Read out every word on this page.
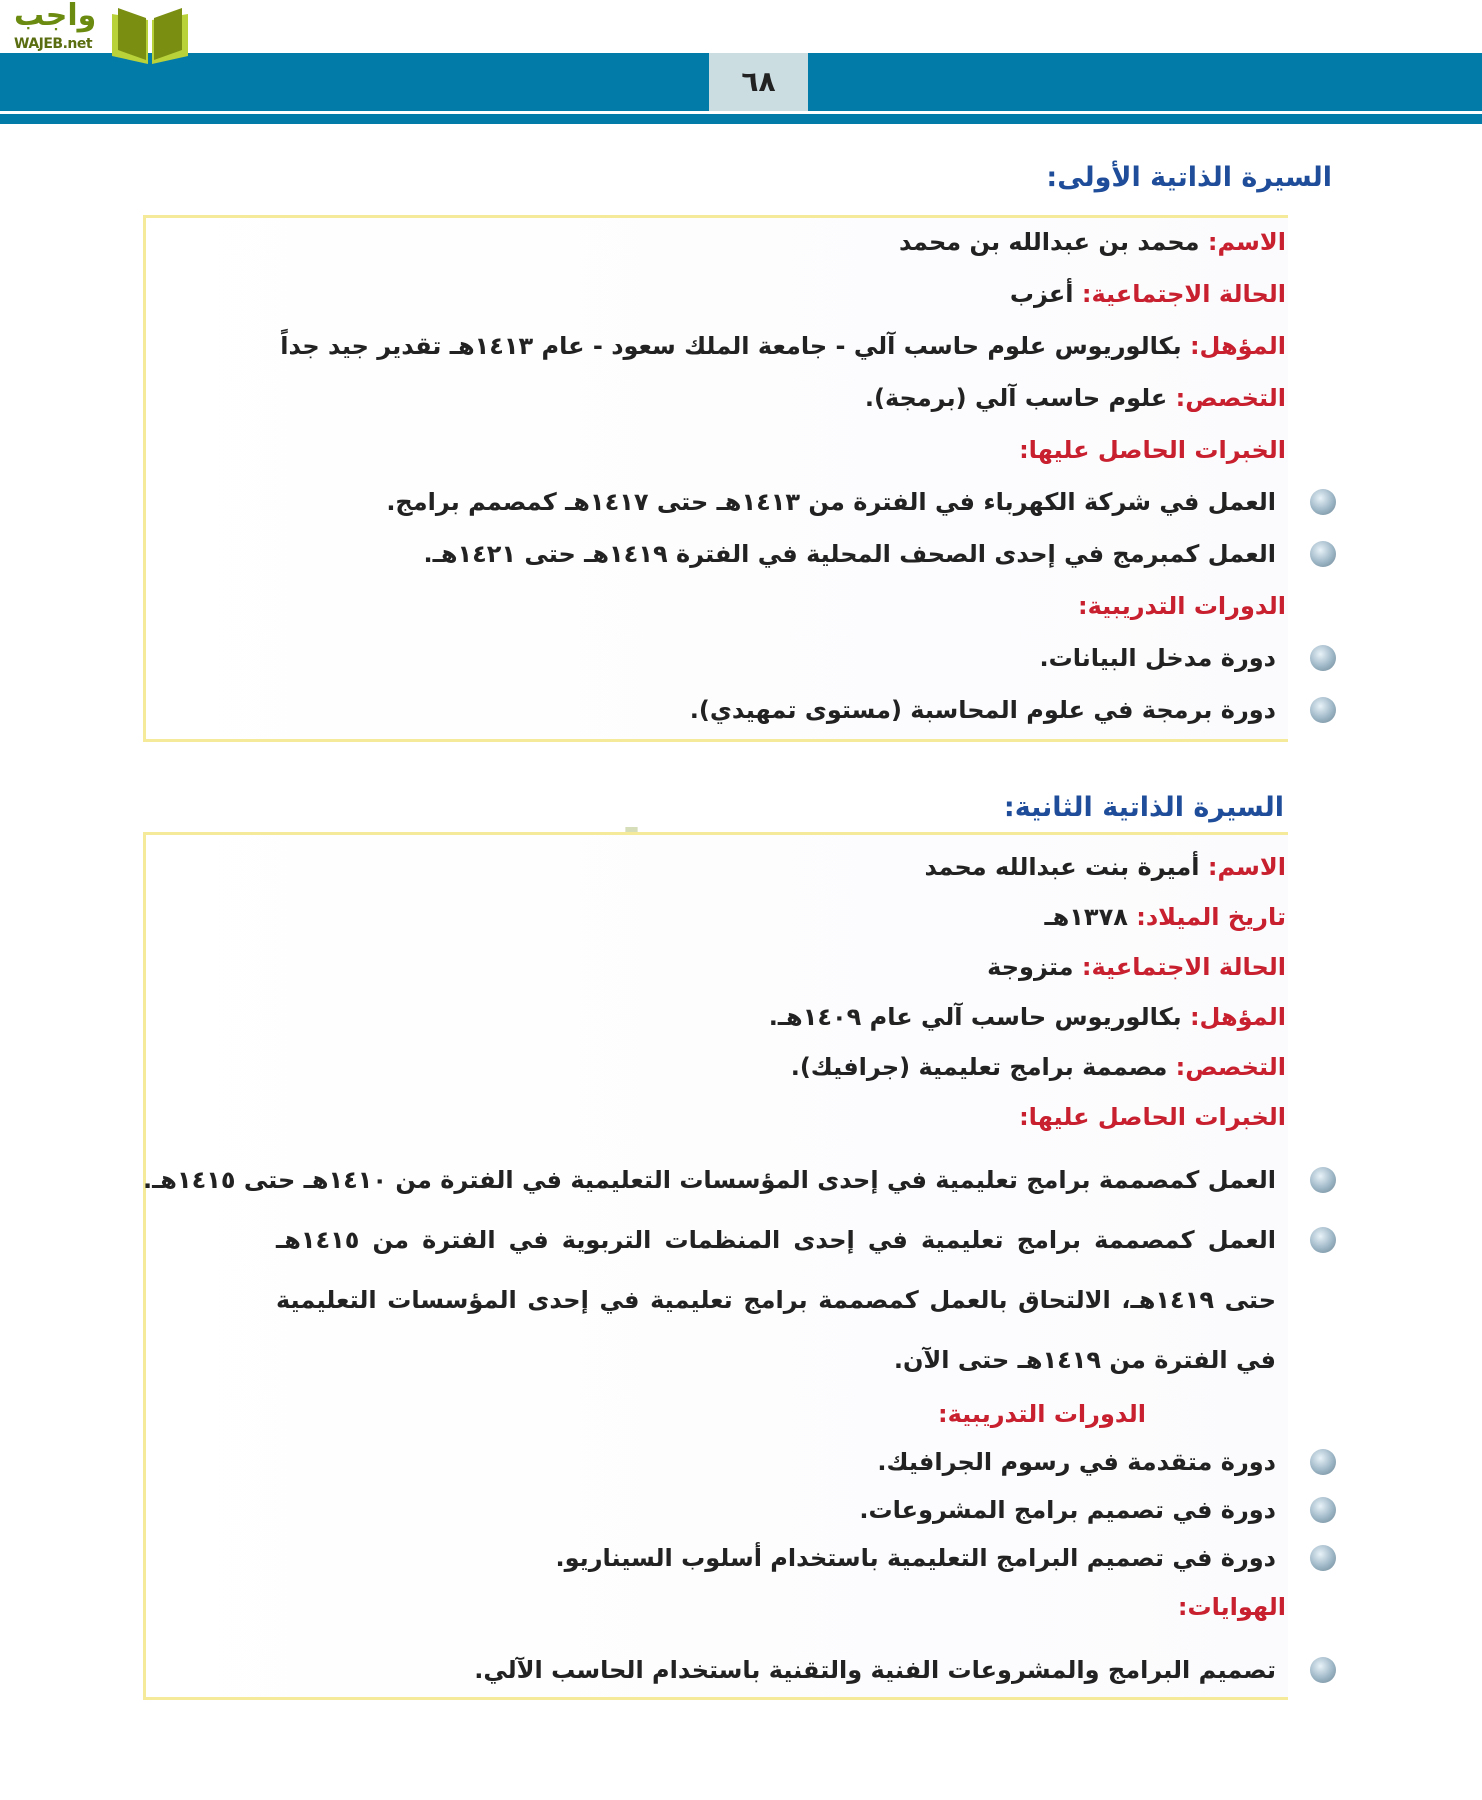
واجب
WAJEB.net
٦٨
السيرة الذاتية الأولى:
الاسم: محمد بن عبدالله بن محمد
الحالة الاجتماعية: أعزب
المؤهل: بكالوريوس علوم حاسب آلي - جامعة الملك سعود - عام ١٤١٣هـ تقدير جيد جداً
التخصص: علوم حاسب آلي (برمجة).
الخبرات الحاصل عليها:
العمل في شركة الكهرباء في الفترة من ١٤١٣هـ حتى ١٤١٧هـ كمصمم برامج.
العمل كمبرمج في إحدى الصحف المحلية في الفترة ١٤١٩هـ حتى ١٤٢١هـ.
الدورات التدريبية:
دورة مدخل البيانات.
دورة برمجة في علوم المحاسبة (مستوى تمهيدي).
السيرة الذاتية الثانية:
الاسم: أميرة بنت عبدالله محمد
تاريخ الميلاد: ١٣٧٨هـ
الحالة الاجتماعية: متزوجة
المؤهل: بكالوريوس حاسب آلي عام ١٤٠٩هـ.
التخصص: مصممة برامج تعليمية (جرافيك).
الخبرات الحاصل عليها:
العمل كمصممة برامج تعليمية في إحدى المؤسسات التعليمية في الفترة من ١٤١٠هـ حتى ١٤١٥هـ.
العمل كمصممة برامج تعليمية في إحدى المنظمات التربوية في الفترة من ١٤١٥هـ حتى ١٤١٩هـ، الالتحاق بالعمل كمصممة برامج تعليمية في إحدى المؤسسات التعليمية في الفترة من ١٤١٩هـ حتى الآن.
الدورات التدريبية:
دورة متقدمة في رسوم الجرافيك.
دورة في تصميم برامج المشروعات.
دورة في تصميم البرامج التعليمية باستخدام أسلوب السيناريو.
الهوايات:
تصميم البرامج والمشروعات الفنية والتقنية باستخدام الحاسب الآلي.
